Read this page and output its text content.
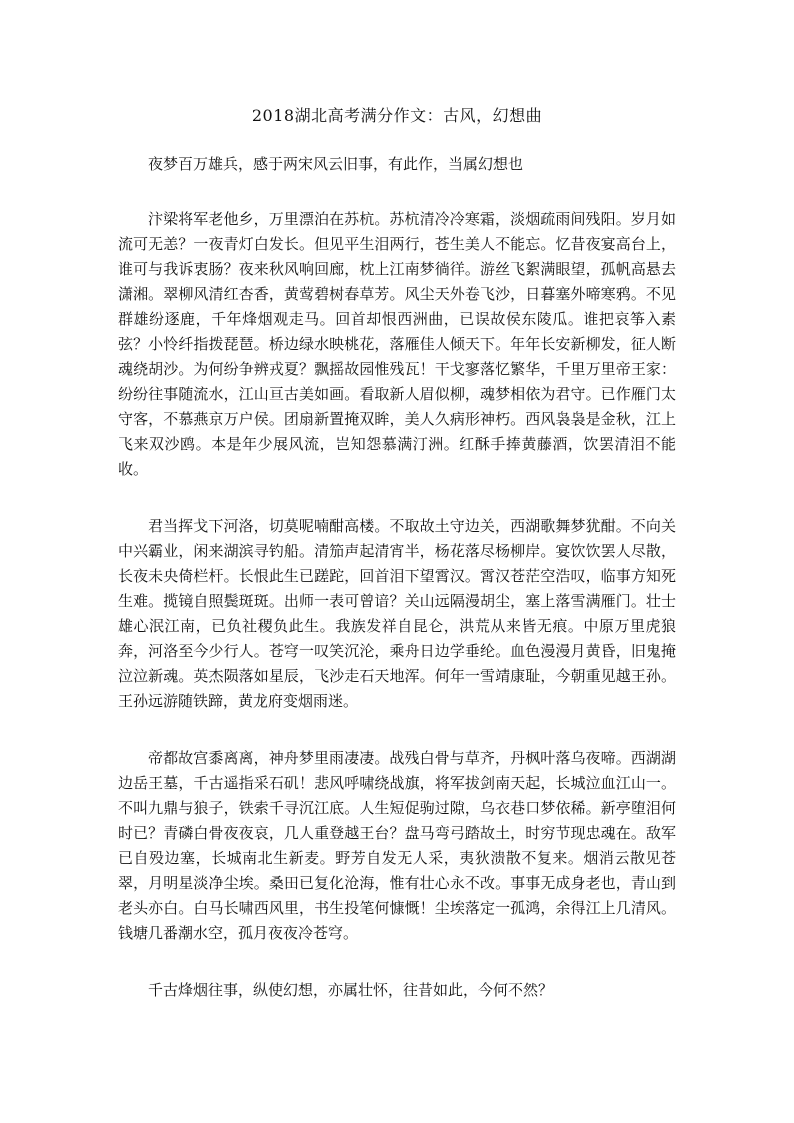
2018湖北高考满分作文：古风，幻想曲

夜梦百万雄兵，感于两宋风云旧事，有此作，当属幻想也

汴梁将军老他乡，万里漂泊在苏杭。苏杭清冷冷寒霜，淡烟疏雨间残阳。岁月如流可无恙？一夜青灯白发长。但见平生泪两行，苍生美人不能忘。忆昔夜宴高台上，谁可与我诉衷肠？夜来秋风响回廊，枕上江南梦徜徉。游丝飞絮满眼望，孤帆高悬去潇湘。翠柳风清红杏香，黄莺碧树春草芳。风尘天外卷飞沙，日暮塞外啼寒鸦。不见群雄纷逐鹿，千年烽烟观走马。回首却恨西洲曲，已误故侯东陵瓜。谁把哀筝入素弦？小怜纤指拨琵琶。桥边绿水映桃花，落雁佳人倾天下。年年长安新柳发，征人断魂绕胡沙。为何纷争辨戎夏？飘摇故园惟残瓦！干戈寥落忆繁华，千里万里帝王家：纷纷往事随流水，江山亘古美如画。看取新人眉似柳，魂梦相依为君守。已作雁门太守客，不慕燕京万户侯。团扇新置掩双眸，美人久病形神朽。西风袅袅是金秋，江上飞来双沙鸥。本是年少展风流，岂知怨慕满汀洲。红酥手捧黄藤酒，饮罢清泪不能收。

君当挥戈下河洛，切莫呢喃酣高楼。不取故土守边关，西湖歌舞梦犹酣。不向关中兴霸业，闲来湖滨寻钓船。清笳声起清宵半，杨花落尽杨柳岸。宴饮饮罢人尽散，长夜未央倚栏杆。长恨此生已蹉跎，回首泪下望霄汉。霄汉苍茫空浩叹，临事方知死生难。揽镜自照鬓斑斑。出师一表可曾谙？关山远隔漫胡尘，塞上落雪满雁门。壮士雄心泯江南，已负社稷负此生。我族发祥自昆仑，洪荒从来皆无痕。中原万里虎狼奔，河洛至今少行人。苍穹一叹笑沉沦，乘舟日边学垂纶。血色漫漫月黄昏，旧鬼掩泣泣新魂。英杰陨落如星辰，飞沙走石天地浑。何年一雪靖康耻，今朝重见越王孙。王孙远游随铁蹄，黄龙府变烟雨迷。

帝都故宫黍离离，神舟梦里雨凄凄。战残白骨与草齐，丹枫叶落乌夜啼。西湖湖边岳王墓，千古遥指采石矶！悲风呼啸绕战旗，将军拔剑南天起，长城泣血江山一。不叫九鼎与狼子，铁索千寻沉江底。人生短促驹过隙，乌衣巷口梦依稀。新亭堕泪何时已？青磷白骨夜夜哀，几人重登越王台？盘马弯弓踏故土，时穷节现忠魂在。敌军已自殁边塞，长城南北生新麦。野芳自发无人采，夷狄溃散不复来。烟消云散见苍翠，月明星淡净尘埃。桑田已复化沧海，惟有壮心永不改。事事无成身老也，青山到老头亦白。白马长啸西风里，书生投笔何慷慨！尘埃落定一孤鸿，余得江上几清风。钱塘几番潮水空，孤月夜夜冷苍穹。

千古烽烟往事，纵使幻想，亦属壮怀，往昔如此，今何不然？
